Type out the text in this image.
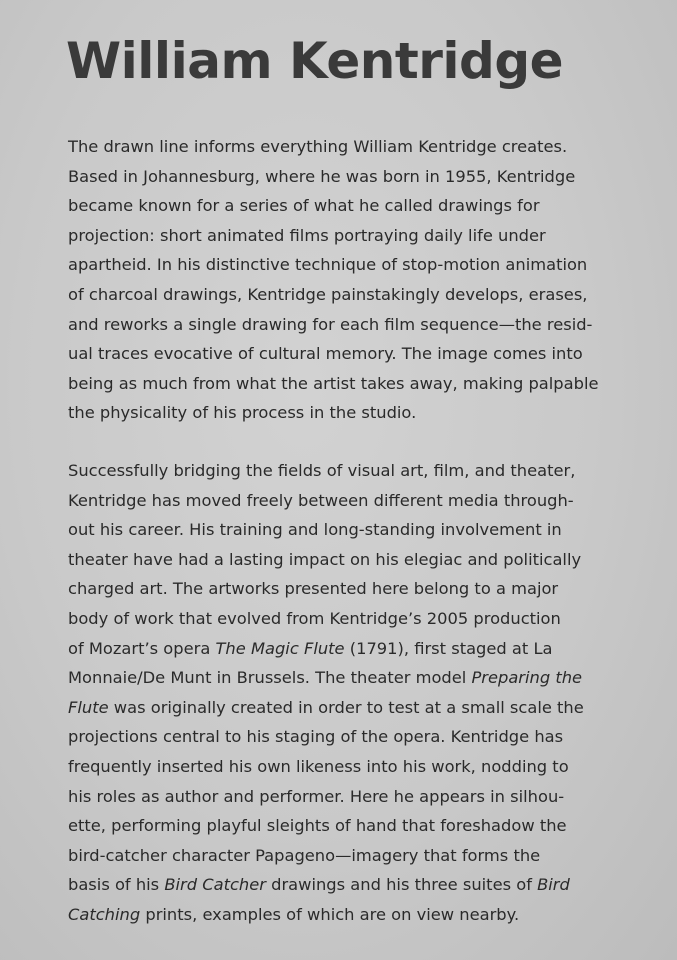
William Kentridge
The drawn line informs everything William Kentridge creates.
Based in Johannesburg, where he was born in 1955, Kentridge
became known for a series of what he called drawings for
projection: short animated films portraying daily life under
apartheid. In his distinctive technique of stop-motion animation
of charcoal drawings, Kentridge painstakingly develops, erases,
and reworks a single drawing for each film sequence—the resid-
ual traces evocative of cultural memory. The image comes into
being as much from what the artist takes away, making palpable
the physicality of his process in the studio.
Successfully bridging the fields of visual art, film, and theater,
Kentridge has moved freely between different media through-
out his career. His training and long-standing involvement in
theater have had a lasting impact on his elegiac and politically
charged art. The artworks presented here belong to a major
body of work that evolved from Kentridge’s 2005 production
of Mozart’s opera The Magic Flute (1791), first staged at La
Monnaie/De Munt in Brussels. The theater model Preparing the
Flute was originally created in order to test at a small scale the
projections central to his staging of the opera. Kentridge has
frequently inserted his own likeness into his work, nodding to
his roles as author and performer. Here he appears in silhou-
ette, performing playful sleights of hand that foreshadow the
bird-catcher character Papageno—imagery that forms the
basis of his Bird Catcher drawings and his three suites of Bird
Catching prints, examples of which are on view nearby.
